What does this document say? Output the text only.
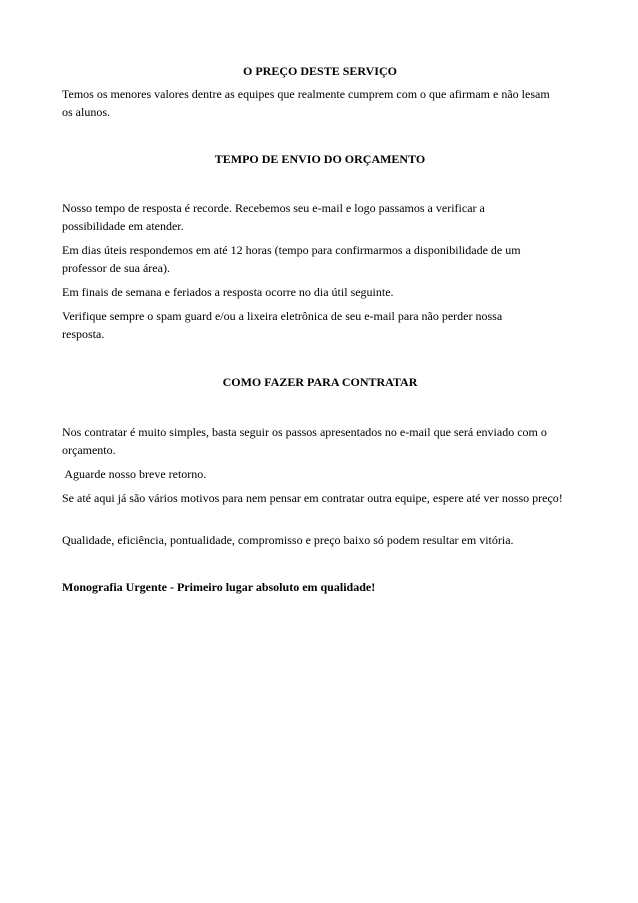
O PREÇO DESTE SERVIÇO

Temos os menores valores dentre as equipes que realmente cumprem com o que afirmam e não lesam os alunos.

TEMPO DE ENVIO DO ORÇAMENTO

Nosso tempo de resposta é recorde. Recebemos seu e-mail e logo passamos a verificar a possibilidade em atender.

Em dias úteis respondemos em até 12 horas (tempo para confirmarmos a disponibilidade de um professor de sua área).

Em finais de semana e feriados a resposta ocorre no dia útil seguinte.

Verifique sempre o spam guard e/ou a lixeira eletrônica de seu e-mail para não perder nossa resposta.

COMO FAZER PARA CONTRATAR

Nos contratar é muito simples, basta seguir os passos apresentados no e-mail que será enviado com o orçamento.

Aguarde nosso breve retorno.

Se até aqui já são vários motivos para nem pensar em contratar outra equipe, espere até ver nosso preço!

Qualidade, eficiência, pontualidade, compromisso e preço baixo só podem resultar em vitória.

Monografia Urgente - Primeiro lugar absoluto em qualidade!
